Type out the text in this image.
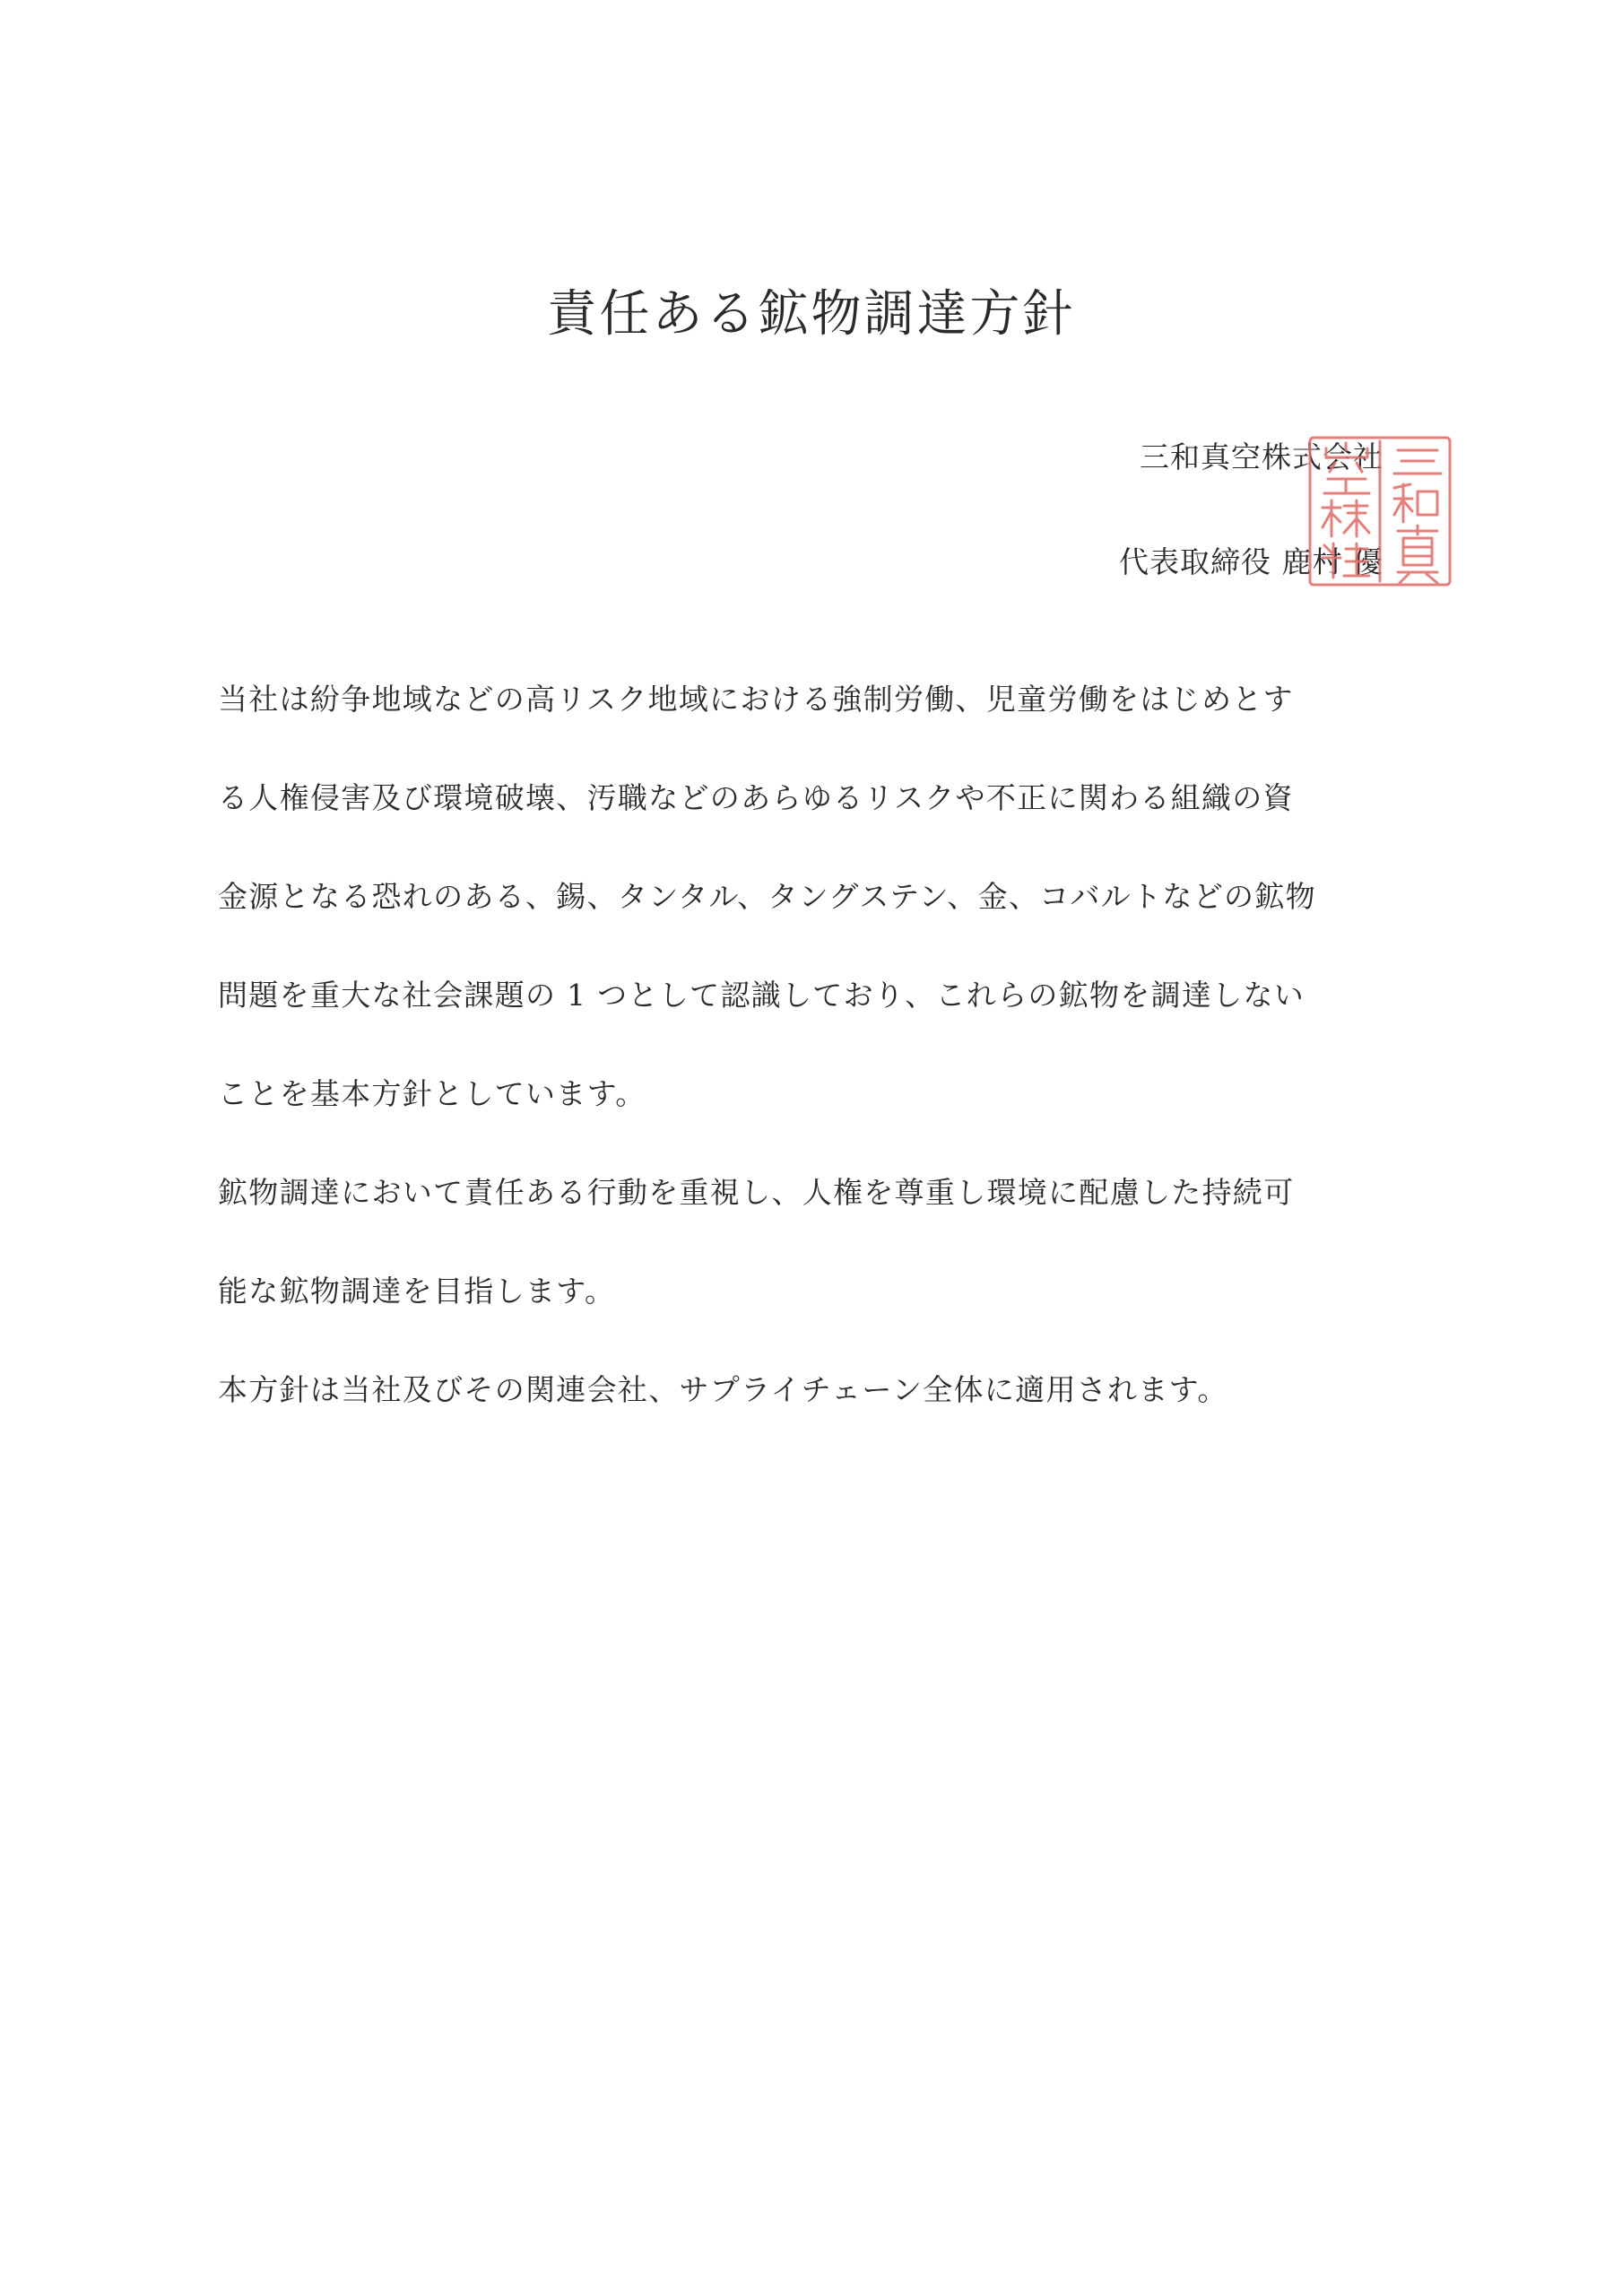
責任ある鉱物調達方針
三和真空株式会社
代表取締役 鹿村 優
当社は紛争地域などの高リスク地域における強制労働、児童労働をはじめとす
る人権侵害及び環境破壊、汚職などのあらゆるリスクや不正に関わる組織の資
金源となる恐れのある、錫、タンタル、タングステン、金、コバルトなどの鉱物
問題を重大な社会課題の 1 つとして認識しており、これらの鉱物を調達しない
ことを基本方針としています。
鉱物調達において責任ある行動を重視し、人権を尊重し環境に配慮した持続可
能な鉱物調達を目指します。
本方針は当社及びその関連会社、サプライチェーン全体に適用されます。
